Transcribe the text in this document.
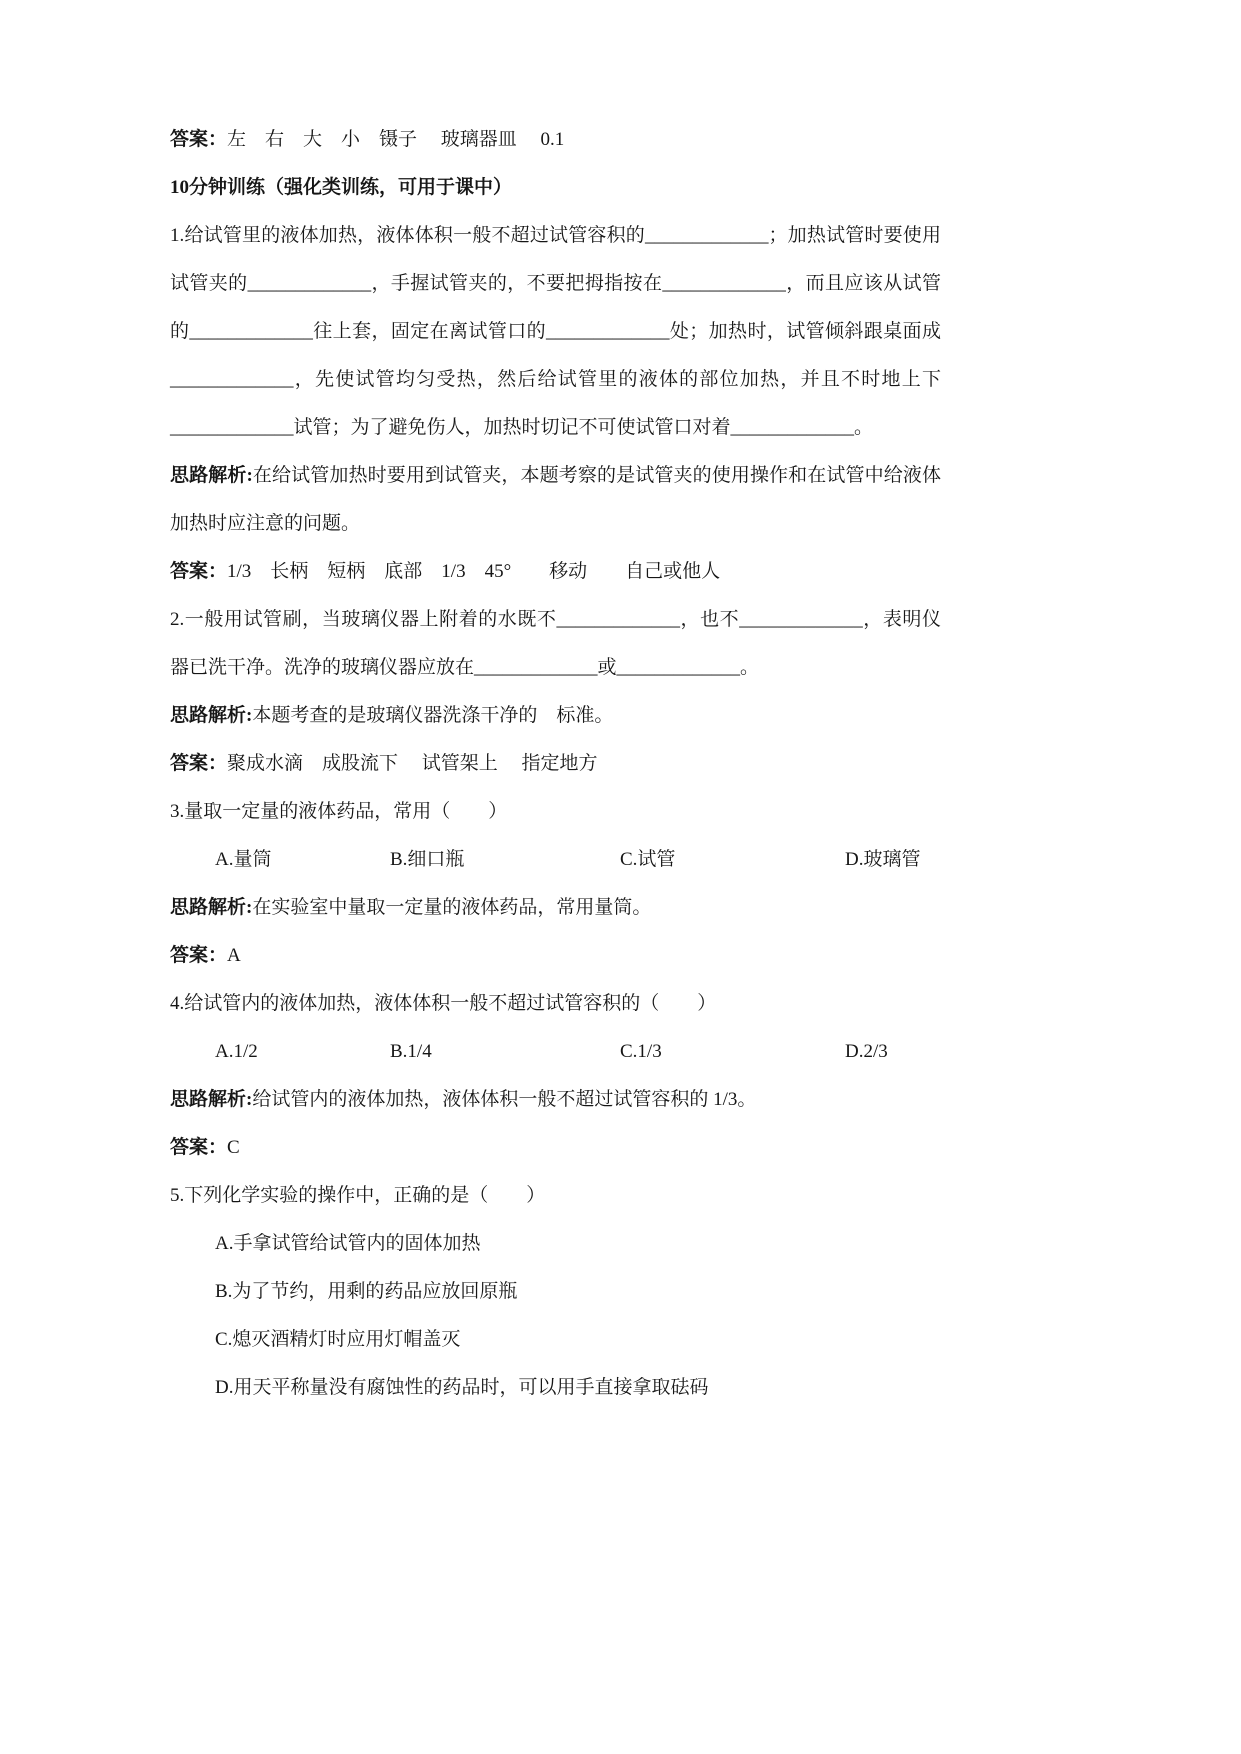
答案：左　右　大　小　镊子　 玻璃器皿　 0.1
10分钟训练（强化类训练，可用于课中）
1.给试管里的液体加热，液体体积一般不超过试管容积的_____________；加热试管时要使用试管夹的_____________，手握试管夹的，不要把拇指按在_____________，而且应该从试管的_____________往上套，固定在离试管口的_____________处；加热时，试管倾斜跟桌面成_____________，先使试管均匀受热，然后给试管里的液体的部位加热，并且不时地上下_____________试管；为了避免伤人，加热时切记不可使试管口对着_____________。
思路解析:在给试管加热时要用到试管夹，本题考察的是试管夹的使用操作和在试管中给液体加热时应注意的问题。
答案：1/3　长柄　短柄　底部　1/3　45°　　移动　　自己或他人
2.一般用试管刷，当玻璃仪器上附着的水既不_____________，也不_____________，表明仪器已洗干净。洗净的玻璃仪器应放在_____________或_____________。
思路解析:本题考查的是玻璃仪器洗涤干净的　标准。
答案：聚成水滴　成股流下　 试管架上　 指定地方
3.量取一定量的液体药品，常用（　　）
A.量筒	B.细口瓶	C.试管	D.玻璃管
思路解析:在实验室中量取一定量的液体药品，常用量筒。
答案：A
4.给试管内的液体加热，液体体积一般不超过试管容积的（　　）
A.1/2	B.1/4	C.1/3	D.2/3
思路解析:给试管内的液体加热，液体体积一般不超过试管容积的 1/3。
答案：C
5.下列化学实验的操作中，正确的是（　　）
A.手拿试管给试管内的固体加热
B.为了节约，用剩的药品应放回原瓶
C.熄灭酒精灯时应用灯帽盖灭
D.用天平称量没有腐蚀性的药品时，可以用手直接拿取砝码
